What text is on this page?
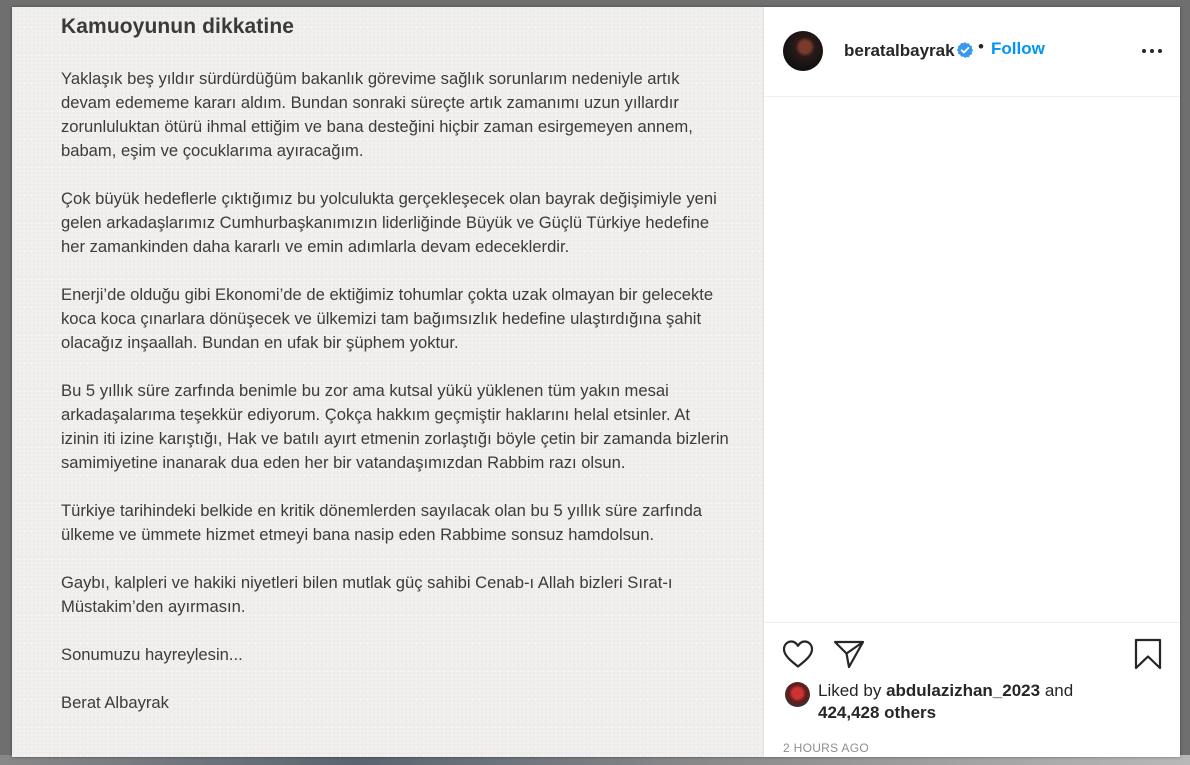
Kamuoyunun dikkatine

Yaklaşık beş yıldır sürdürdüğüm bakanlık görevime sağlık sorunlarım nedeniyle artık devam edememe kararı aldım. Bundan sonraki süreçte artık zamanımı uzun yıllardır zorunluluktan ötürü ihmal ettiğim ve bana desteğini hiçbir zaman esirgemeyen annem, babam, eşim ve çocuklarıma ayıracağım.

Çok büyük hedeflerle çıktığımız bu yolculukta gerçekleşecek olan bayrak değişimiyle yeni gelen arkadaşlarımız Cumhurbaşkanımızın liderliğinde Büyük ve Güçlü Türkiye hedefine her zamankinden daha kararlı ve emin adımlarla devam edeceklerdir.

Enerji’de olduğu gibi Ekonomi’de de ektiğimiz tohumlar çokta uzak olmayan bir gelecekte koca koca çınarlara dönüşecek ve ülkemizi tam bağımsızlık hedefine ulaştırdığına şahit olacağız inşaallah. Bundan en ufak bir şüphem yoktur.

Bu 5 yıllık süre zarfında benimle bu zor ama kutsal yükü yüklenen tüm yakın mesai arkadaşalarıma teşekkür ediyorum. Çokça hakkım geçmiştir haklarını helal etsinler. At izinin iti izine karıştığı, Hak ve batılı ayırt etmenin zorlaştığı böyle çetin bir zamanda bizlerin samimiyetine inanarak dua eden her bir vatandaşımızdan Rabbim razı olsun.

Türkiye tarihindeki belkide en kritik dönemlerden sayılacak olan bu 5 yıllık süre zarfında ülkeme ve ümmete hizmet etmeyi bana nasip eden Rabbime sonsuz hamdolsun.

Gaybı, kalpleri ve hakiki niyetleri bilen mutlak güç sahibi Cenab-ı Allah bizleri Sırat-ı Müstakim’den ayırmasın.

Sonumuzu hayreylesin...

Berat Albayrak

beratalbayrak • Follow
Liked by abdulazizhan_2023 and
424,428 others
2 HOURS AGO
